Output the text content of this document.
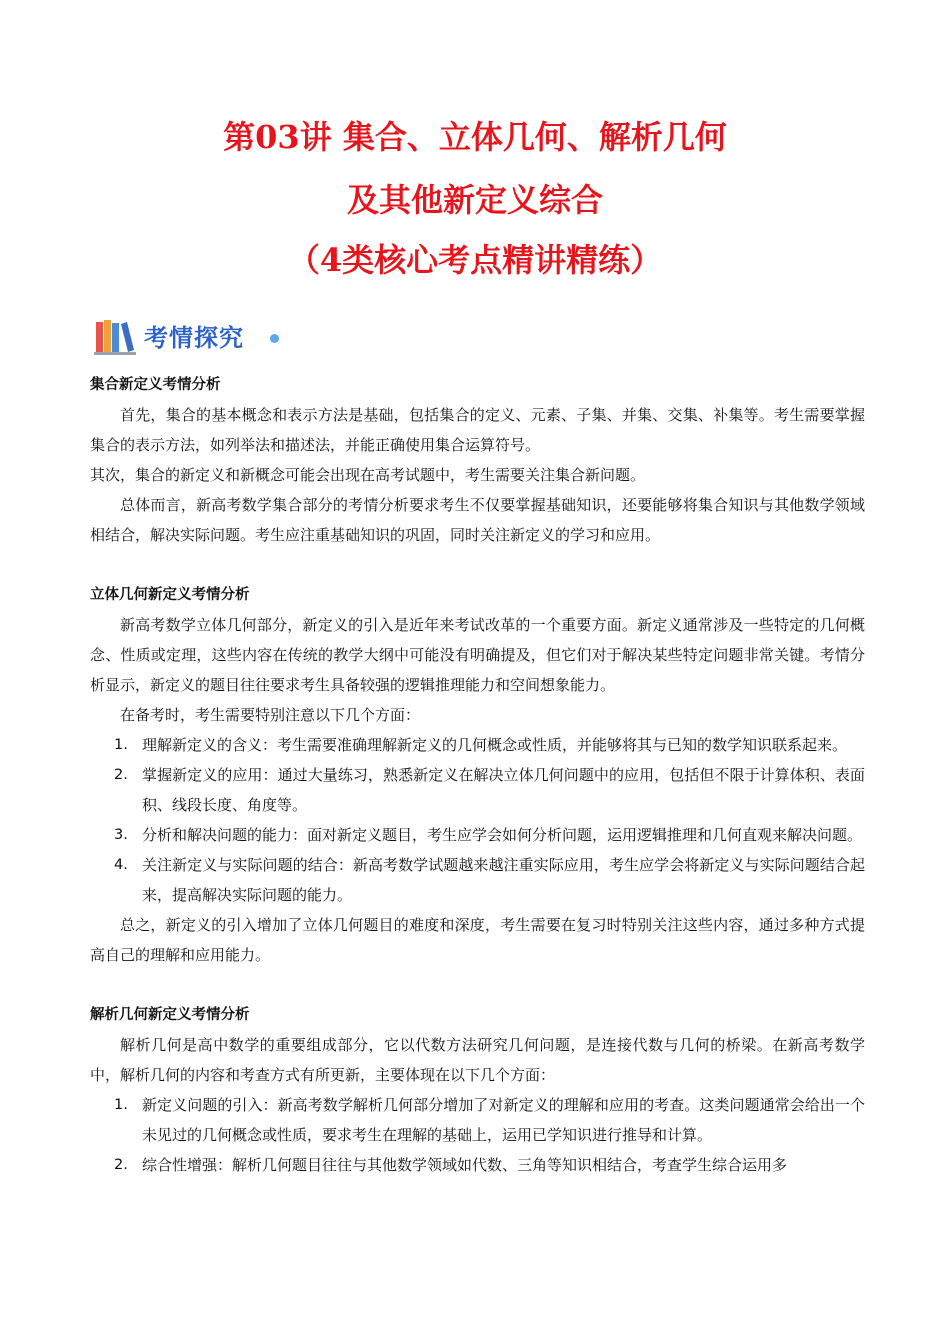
第03讲 集合、立体几何、解析几何
及其他新定义综合
（4类核心考点精讲精练）
考情探究

集合新定义考情分析

首先，集合的基本概念和表示方法是基础，包括集合的定义、元素、子集、并集、交集、补集等。考生需要掌握集合的表示方法，如列举法和描述法，并能正确使用集合运算符号。

其次，集合的新定义和新概念可能会出现在高考试题中，考生需要关注集合新问题。

总体而言，新高考数学集合部分的考情分析要求考生不仅要掌握基础知识，还要能够将集合知识与其他数学领域相结合，解决实际问题。考生应注重基础知识的巩固，同时关注新定义的学习和应用。

立体几何新定义考情分析

新高考数学立体几何部分，新定义的引入是近年来考试改革的一个重要方面。新定义通常涉及一些特定的几何概念、性质或定理，这些内容在传统的教学大纲中可能没有明确提及，但它们对于解决某些特定问题非常关键。考情分析显示，新定义的题目往往要求考生具备较强的逻辑推理能力和空间想象能力。

在备考时，考生需要特别注意以下几个方面：

1. 理解新定义的含义：考生需要准确理解新定义的几何概念或性质，并能够将其与已知的数学知识联系起来。
2. 掌握新定义的应用：通过大量练习，熟悉新定义在解决立体几何问题中的应用，包括但不限于计算体积、表面积、线段长度、角度等。
3. 分析和解决问题的能力：面对新定义题目，考生应学会如何分析问题，运用逻辑推理和几何直观来解决问题。
4. 关注新定义与实际问题的结合：新高考数学试题越来越注重实际应用，考生应学会将新定义与实际问题结合起来，提高解决实际问题的能力。

总之，新定义的引入增加了立体几何题目的难度和深度，考生需要在复习时特别关注这些内容，通过多种方式提高自己的理解和应用能力。

解析几何新定义考情分析

解析几何是高中数学的重要组成部分，它以代数方法研究几何问题，是连接代数与几何的桥梁。在新高考数学中，解析几何的内容和考查方式有所更新，主要体现在以下几个方面：

1. 新定义问题的引入：新高考数学解析几何部分增加了对新定义的理解和应用的考查。这类问题通常会给出一个未见过的几何概念或性质，要求考生在理解的基础上，运用已学知识进行推导和计算。
2. 综合性增强：解析几何题目往往与其他数学领域如代数、三角等知识相结合，考查学生综合运用多
